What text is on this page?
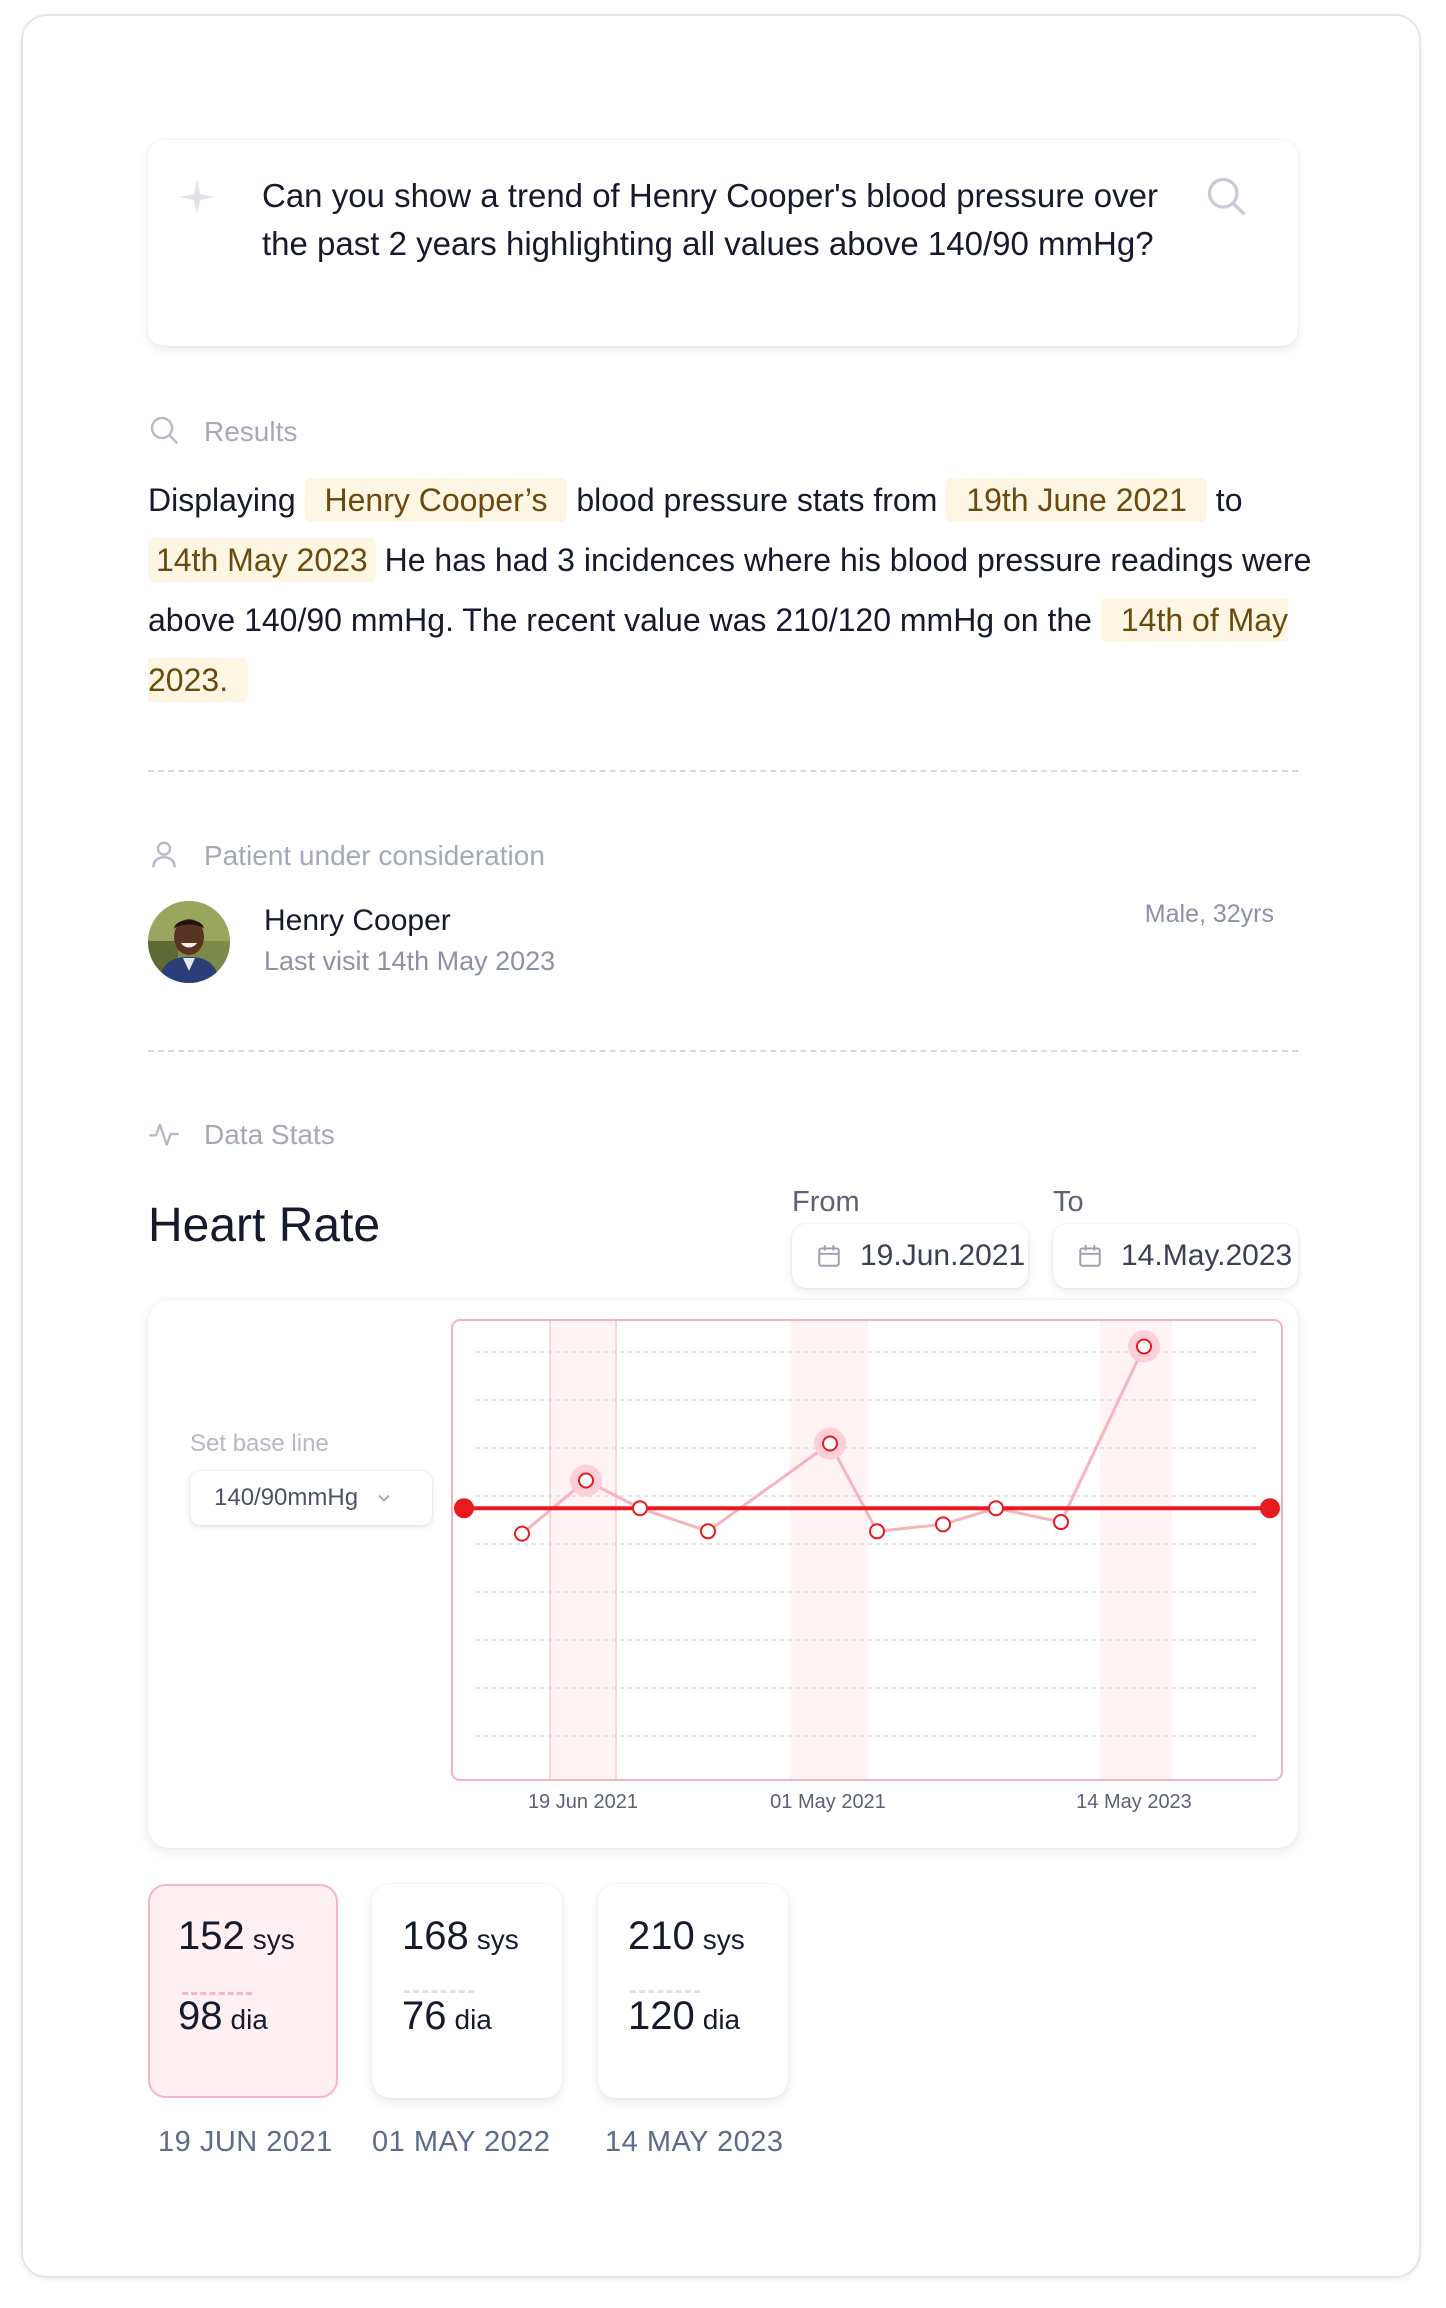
Can you show a trend of Henry Cooper's blood pressure over the past 2 years highlighting all values above 140/90 mmHg?
Results
Displaying Henry Cooper’s blood pressure stats from 19th June 2021 to
14th May 2023 He has had 3 incidences where his blood pressure readings were above 140/90 mmHg. The recent value was 210/120 mmHg on the 14th of May 2023.
Patient under consideration
Henry Cooper
Last visit 14th May 2023
Male, 32yrs
Data Stats
Heart Rate	From
19.Jun.2021
To
14.May.2023
Set base line
140/90mmHg
19 Jun 2021	01 May 2021	14 May 2023
152 sys
98 dia
19 JUN 2021
168 sys
76 dia
01 MAY 2022
210 sys
120 dia
14 MAY 2023
